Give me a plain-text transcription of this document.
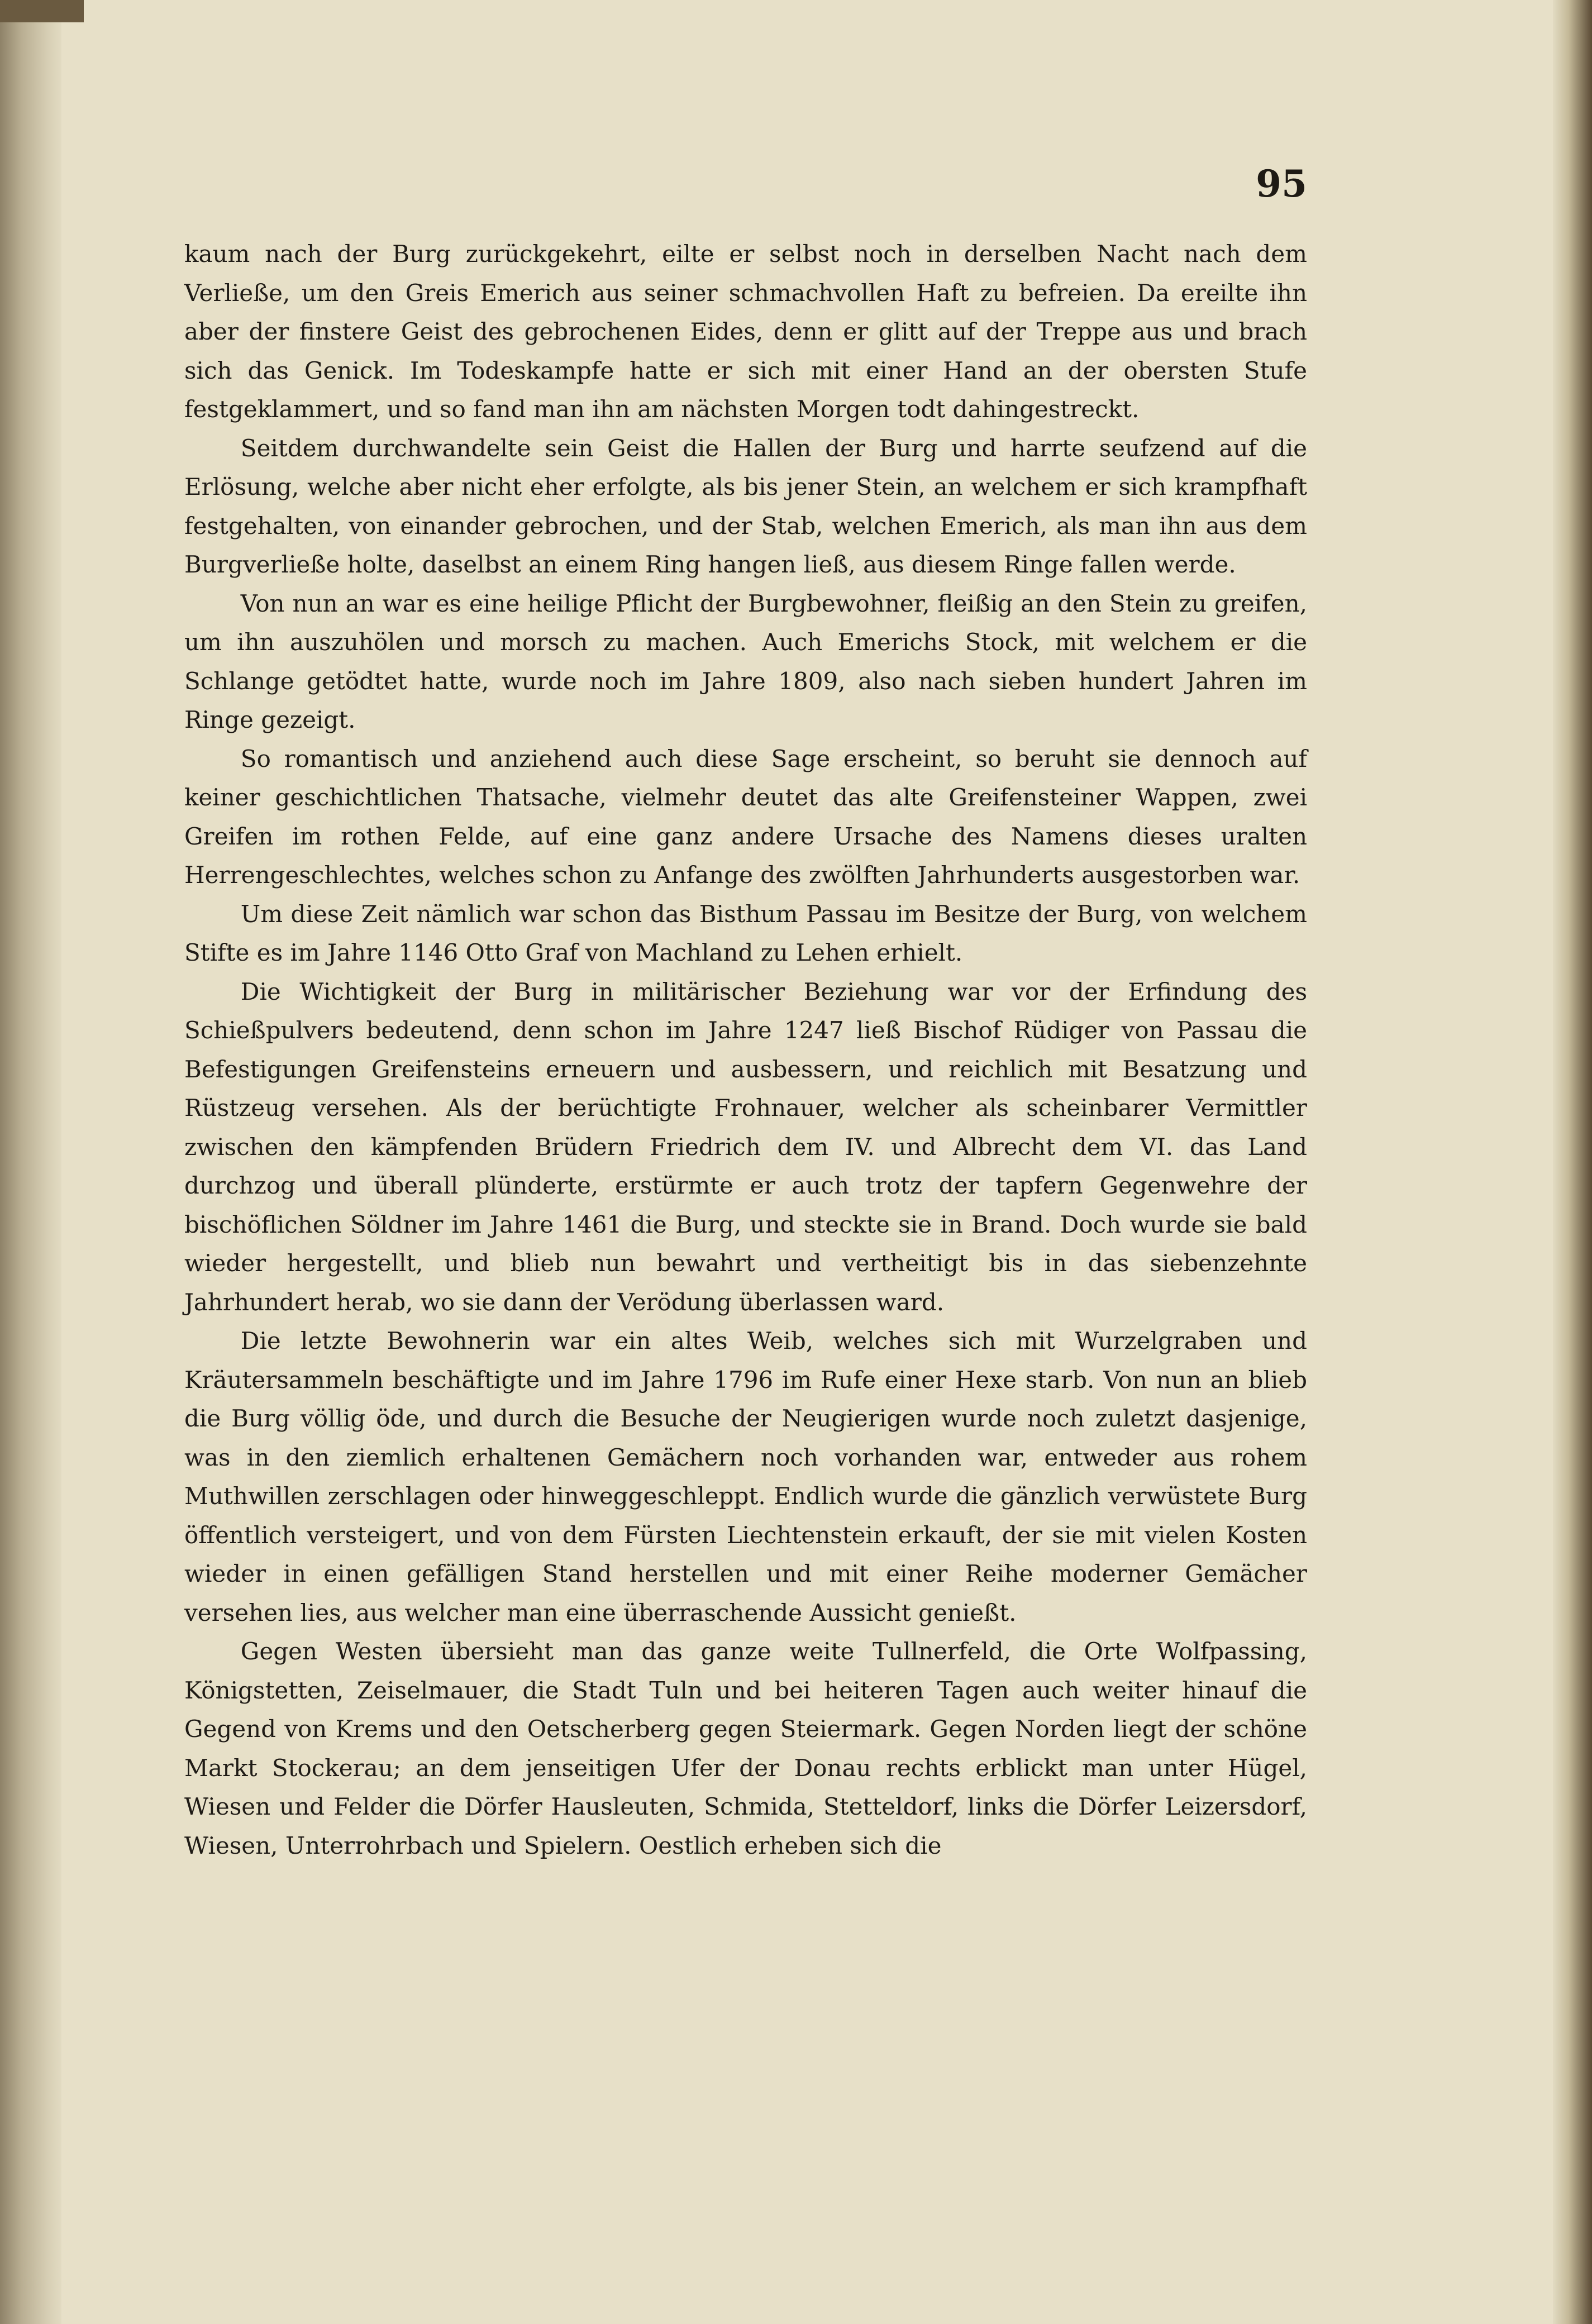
95

kaum nach der Burg zurückgekehrt, eilte er selbst noch in derselben Nacht nach dem Verließe, um den Greis Emerich aus seiner schmachvollen Haft zu befreien. Da ereilte ihn aber der finstere Geist des gebrochenen Eides, denn er glitt auf der Treppe aus und brach sich das Genick. Im Todeskampfe hatte er sich mit einer Hand an der obersten Stufe festgeklammert, und so fand man ihn am nächsten Morgen todt dahingestreckt.

Seitdem durchwandelte sein Geist die Hallen der Burg und harrte seufzend auf die Erlösung, welche aber nicht eher erfolgte, als bis jener Stein, an welchem er sich krampfhaft festgehalten, von einander gebrochen, und der Stab, welchen Emerich, als man ihn aus dem Burgverließe holte, daselbst an einem Ring hangen ließ, aus diesem Ringe fallen werde.

Von nun an war es eine heilige Pflicht der Burgbewohner, fleißig an den Stein zu greifen, um ihn auszuhölen und morsch zu machen. Auch Emerichs Stock, mit welchem er die Schlange getödtet hatte, wurde noch im Jahre 1809, also nach sieben hundert Jahren im Ringe gezeigt.

So romantisch und anziehend auch diese Sage erscheint, so beruht sie dennoch auf keiner geschichtlichen Thatsache, vielmehr deutet das alte Greifensteiner Wappen, zwei Greifen im rothen Felde, auf eine ganz andere Ursache des Namens dieses uralten Herrengeschlechtes, welches schon zu Anfange des zwölften Jahrhunderts ausgestorben war.

Um diese Zeit nämlich war schon das Bisthum Passau im Besitze der Burg, von welchem Stifte es im Jahre 1146 Otto Graf von Machland zu Lehen erhielt.

Die Wichtigkeit der Burg in militärischer Beziehung war vor der Erfindung des Schießpulvers bedeutend, denn schon im Jahre 1247 ließ Bischof Rüdiger von Passau die Befestigungen Greifensteins erneuern und ausbessern, und reichlich mit Besatzung und Rüstzeug versehen. Als der berüchtigte Frohnauer, welcher als scheinbarer Vermittler zwischen den kämpfenden Brüdern Friedrich dem IV. und Albrecht dem VI. das Land durchzog und überall plünderte, erstürmte er auch trotz der tapfern Gegenwehre der bischöflichen Söldner im Jahre 1461 die Burg, und steckte sie in Brand. Doch wurde sie bald wieder hergestellt, und blieb nun bewahrt und vertheitigt bis in das siebenzehnte Jahrhundert herab, wo sie dann der Verödung überlassen ward.

Die letzte Bewohnerin war ein altes Weib, welches sich mit Wurzelgraben und Kräutersammeln beschäftigte und im Jahre 1796 im Rufe einer Hexe starb. Von nun an blieb die Burg völlig öde, und durch die Besuche der Neugierigen wurde noch zuletzt dasjenige, was in den ziemlich erhaltenen Gemächern noch vorhanden war, entweder aus rohem Muthwillen zerschlagen oder hinweggeschleppt. Endlich wurde die gänzlich verwüstete Burg öffentlich versteigert, und von dem Fürsten Liechtenstein erkauft, der sie mit vielen Kosten wieder in einen gefälligen Stand herstellen und mit einer Reihe moderner Gemächer versehen lies, aus welcher man eine überraschende Aussicht genießt.

Gegen Westen übersieht man das ganze weite Tullnerfeld, die Orte Wolfpassing, Königstetten, Zeiselmauer, die Stadt Tuln und bei heiteren Tagen auch weiter hinauf die Gegend von Krems und den Oetscherberg gegen Steiermark. Gegen Norden liegt der schöne Markt Stockerau; an dem jenseitigen Ufer der Donau rechts erblickt man unter Hügel, Wiesen und Felder die Dörfer Hausleuten, Schmida, Stetteldorf, links die Dörfer Leizersdorf, Wiesen, Unterrohrbach und Spielern. Oestlich erheben sich die
